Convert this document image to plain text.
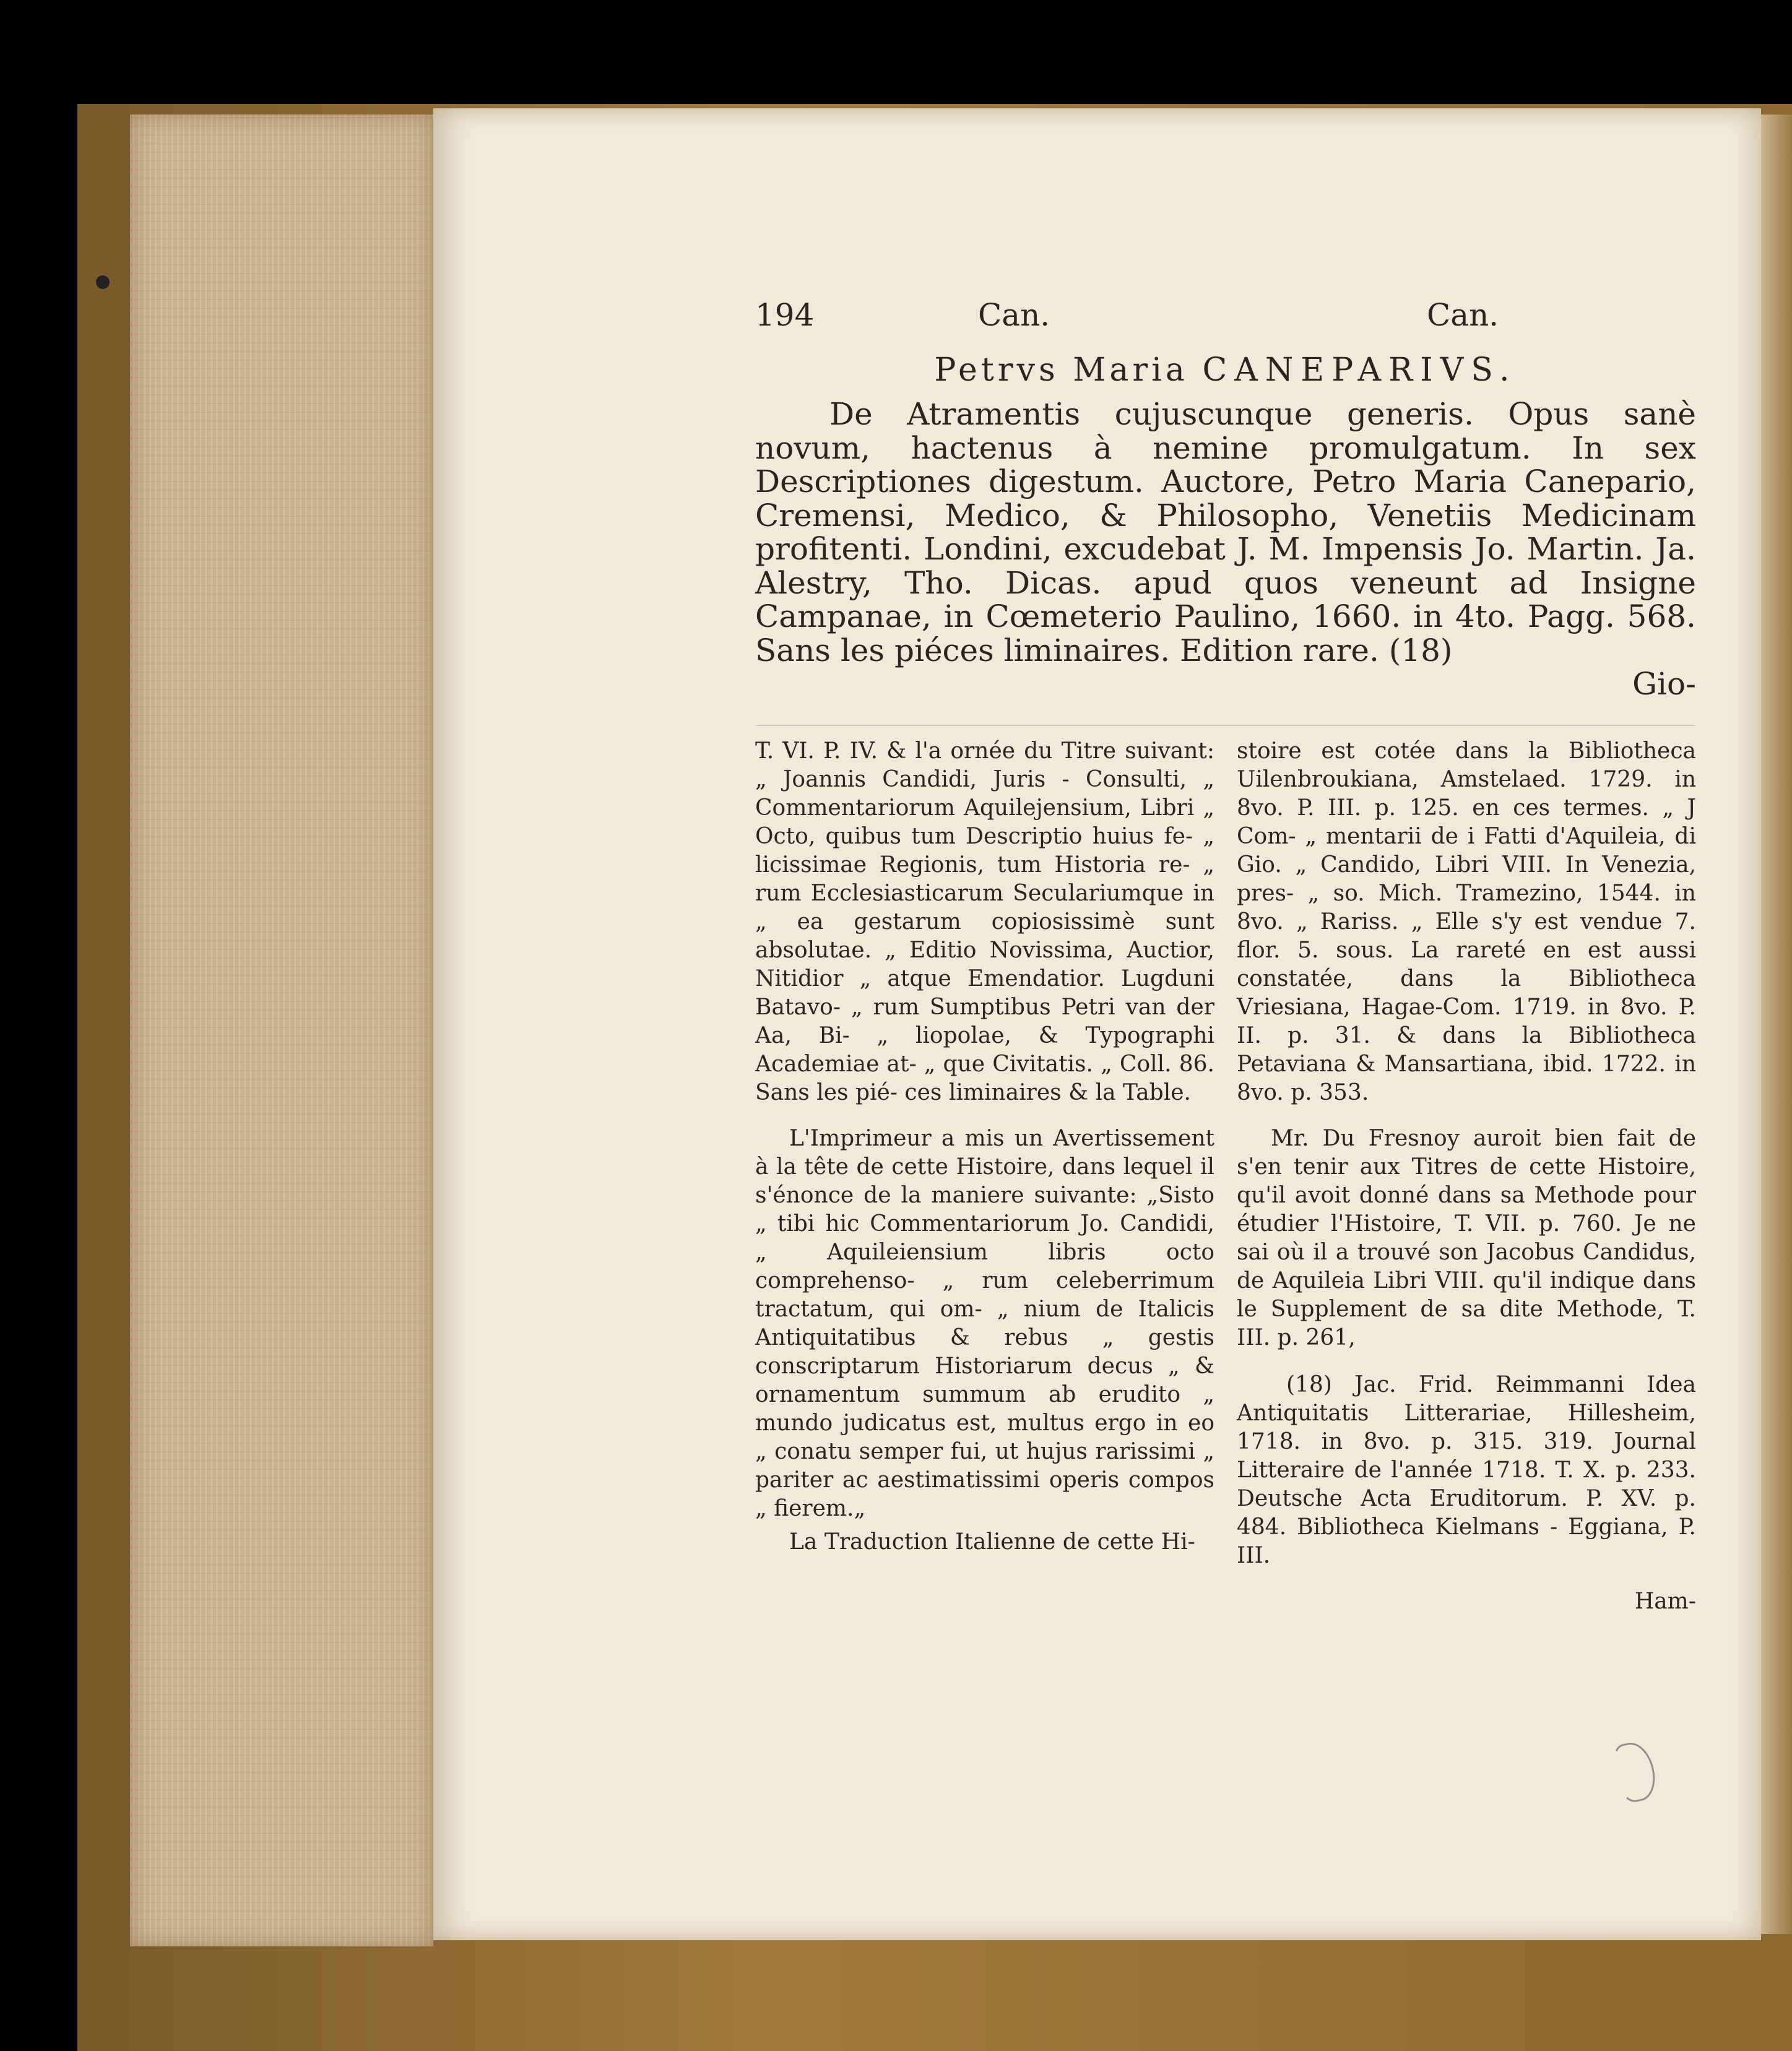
194	Can.	Can.
Petrvs Maria CANEPARIVS.
De Atramentis cujuscunque generis. Opus sanè novum, hactenus à nemine promulgatum. In sex Descriptiones digestum. Auctore, Petro Maria Canepario, Cremensi, Medico, & Philosopho, Venetiis Medicinam profitenti. Londini, excudebat J. M. Impensis Jo. Martin. Ja. Alestry, Tho. Dicas. apud quos veneunt ad Insigne Campanae, in Cœmeterio Paulino, 1660. in 4to. Pagg. 568. Sans les piéces liminaires. Edition rare. (18)
Gio-

T. VI. P. IV. & l'a ornée du Titre suivant: „ Joannis Candidi, Juris - Consulti, „ Commentariorum Aquilejensium, Libri „ Octo, quibus tum Descriptio huius fe- „ licissimae Regionis, tum Historia re- „ rum Ecclesiasticarum Seculariumque in „ ea gestarum copiosissimè sunt absolutae. „ Editio Novissima, Auctior, Nitidior „ atque Emendatior. Lugduni Batavo- „ rum Sumptibus Petri van der Aa, Bi- „ liopolae, & Typographi Academiae at- „ que Civitatis. „ Coll. 86. Sans les pié- ces liminaires & la Table.

L'Imprimeur a mis un Avertissement à la tête de cette Histoire, dans lequel il s'énonce de la maniere suivante: „Sisto „ tibi hic Commentariorum Jo. Candidi, „ Aquileiensium libris octo comprehenso- „ rum celeberrimum tractatum, qui om- „ nium de Italicis Antiquitatibus & rebus „ gestis conscriptarum Historiarum decus „ & ornamentum summum ab erudito „ mundo judicatus est, multus ergo in eo „ conatu semper fui, ut hujus rarissimi „ pariter ac aestimatissimi operis compos „ fierem.„

La Traduction Italienne de cette Hi-

stoire est cotée dans la Bibliotheca Uilenbroukiana, Amstelaed. 1729. in 8vo. P. III. p. 125. en ces termes. „ J Com- „ mentarii de i Fatti d'Aquileia, di Gio. „ Candido, Libri VIII. In Venezia, pres- „ so. Mich. Tramezino, 1544. in 8vo. „ Rariss. „ Elle s'y est vendue 7. flor. 5. sous. La rareté en est aussi constatée, dans la Bibliotheca Vriesiana, Hagae-Com. 1719. in 8vo. P. II. p. 31. & dans la Bibliotheca Petaviana & Mansartiana, ibid. 1722. in 8vo. p. 353.

Mr. Du Fresnoy auroit bien fait de s'en tenir aux Titres de cette Histoire, qu'il avoit donné dans sa Methode pour étudier l'Histoire, T. VII. p. 760. Je ne sai où il a trouvé son Jacobus Candidus, de Aquileia Libri VIII. qu'il indique dans le Supplement de sa dite Methode, T. III. p. 261,

(18) Jac. Frid. Reimmanni Idea Antiquitatis Litterariae, Hillesheim, 1718. in 8vo. p. 315. 319. Journal Litteraire de l'année 1718. T. X. p. 233. Deutsche Acta Eruditorum. P. XV. p. 484. Bibliotheca Kielmans - Eggiana, P. III.

Ham-
